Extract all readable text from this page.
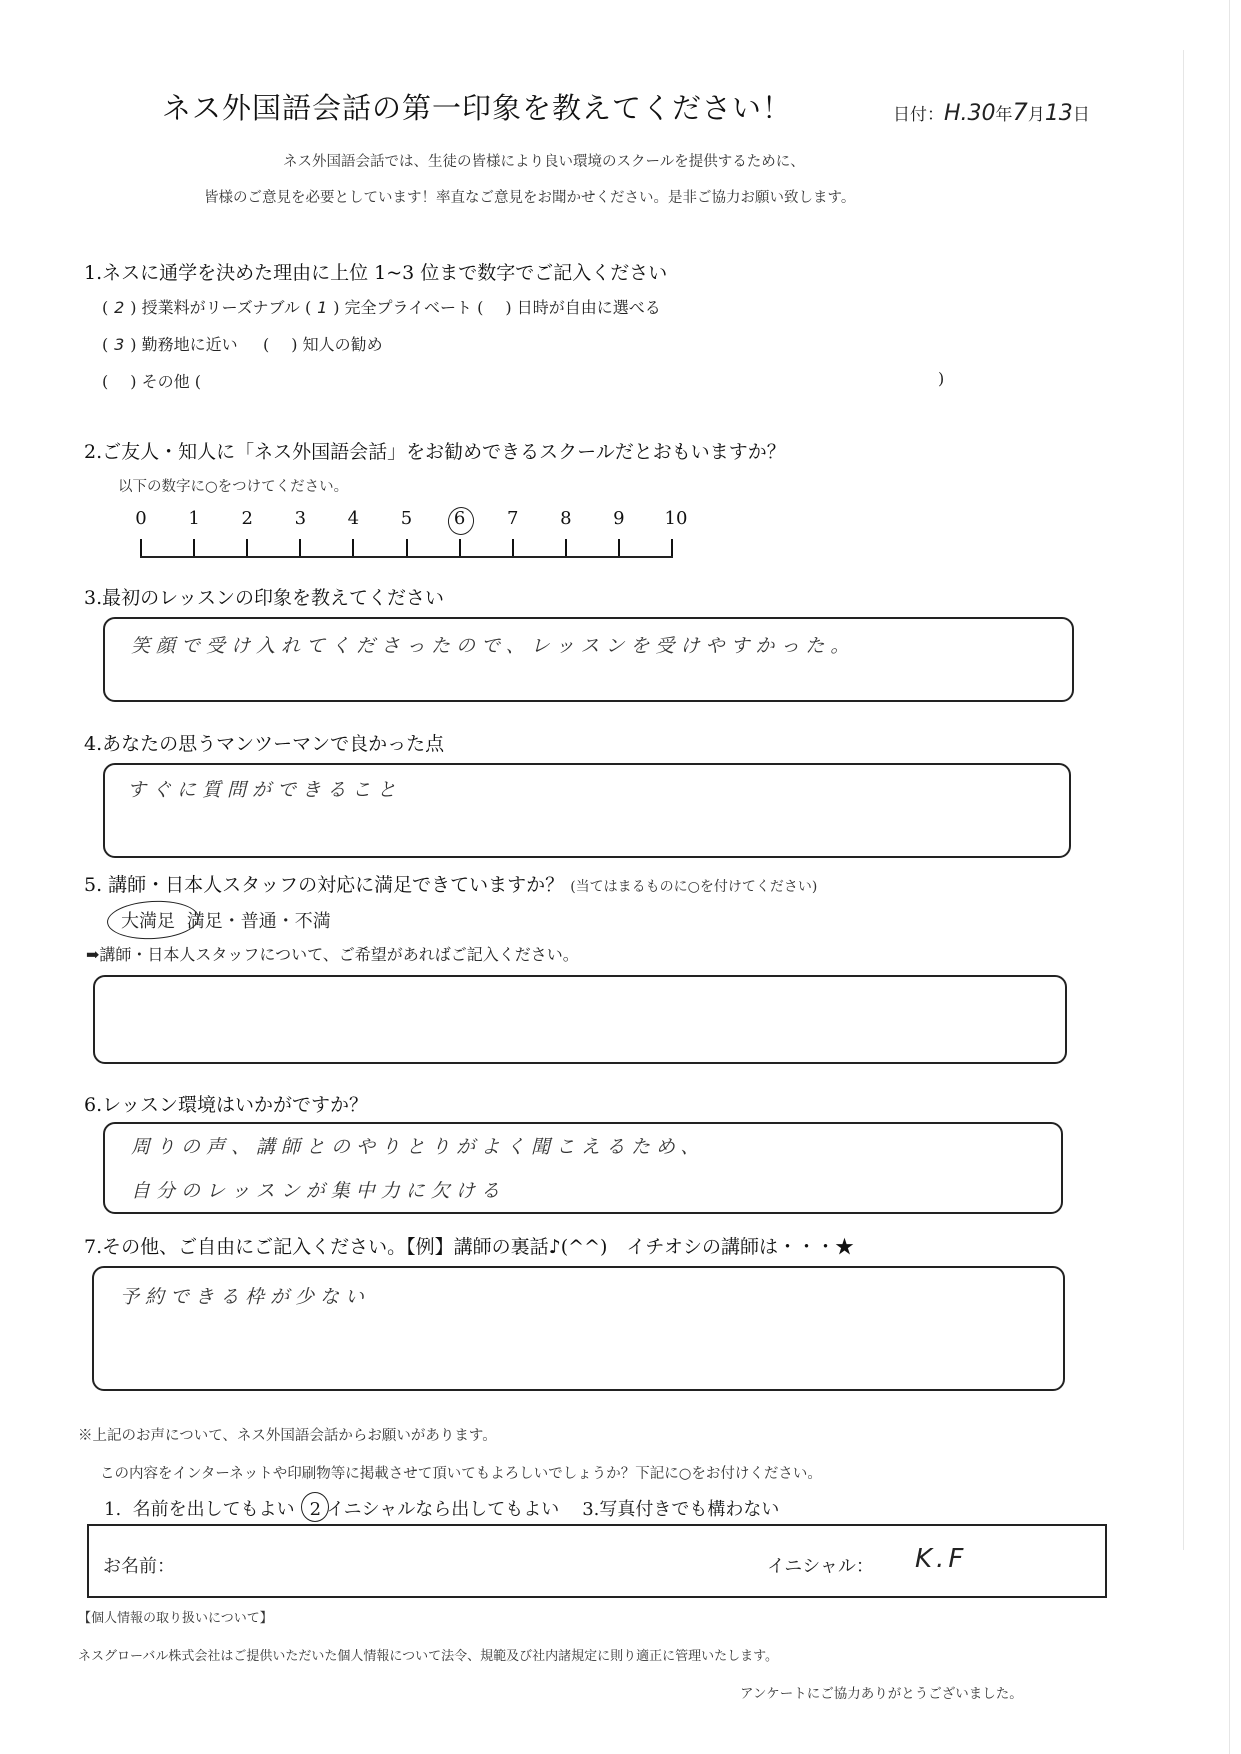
ネス外国語会話の第一印象を教えてください！	日付：H.30年7月13日
ネス外国語会話では、生徒の皆様により良い環境のスクールを提供するために、
皆様のご意見を必要としています！率直なご意見をお聞かせください。是非ご協力お願い致します。
1.ネスに通学を決めた理由に上位 1~3 位まで数字でご記入ください
( 2 ) 授業料がリーズナブル ( 1 ) 完全プライベート ( ) 日時が自由に選べる
( 3 ) 勤務地に近い ( ) 知人の勧め
( ) その他 (	)
2.ご友人・知人に「ネス外国語会話」をお勧めできるスクールだとおもいますか？
以下の数字に○をつけてください。
0	1	2	3	4	5	6	7	8	9	10
3.最初のレッスンの印象を教えてください
笑顔で受け入れてくださったので、レッスンを受けやすかった。
4.あなたの思うマンツーマンで良かった点
すぐに質問ができること
5. 講師・日本人スタッフの対応に満足できていますか？ (当てはまるものに○を付けてください)
大満足 満足・普通・不満
➡講師・日本人スタッフについて、ご希望があればご記入ください。
6.レッスン環境はいかがですか？
周りの声、講師とのやりとりがよく聞こえるため、
自分のレッスンが集中力に欠ける
7.その他、ご自由にご記入ください。【例】講師の裏話♪(^^)　イチオシの講師は・・・★
予約できる枠が少ない
※上記のお声について、ネス外国語会話からお願いがあります。
この内容をインターネットや印刷物等に掲載させて頂いてもよろしいでしょうか？下記に○をお付けください。
1. 名前を出してもよい 2 イニシャルなら出してもよい 3.写真付きでも構わない
お名前：	イニシャル： K.F
【個人情報の取り扱いについて】
ネスグローバル株式会社はご提供いただいた個人情報について法令、規範及び社内諸規定に則り適正に管理いたします。
アンケートにご協力ありがとうございました。
